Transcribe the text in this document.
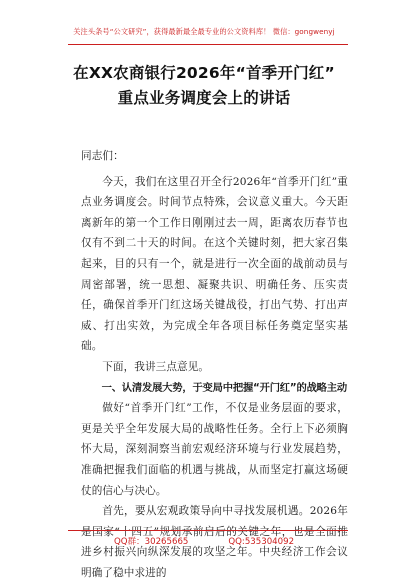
关注头条号“公文研究”，获得最新最全最专业的公文资料库！ 微信：gongwenyj
在XX农商银行2026年“首季开门红”
重点业务调度会上的讲话

同志们：

今天，我们在这里召开全行2026年“首季开门红”重点业务调度会。时间节点特殊，会议意义重大。今天距离新年的第一个工作日刚刚过去一周，距离农历春节也仅有不到二十天的时间。在这个关键时刻，把大家召集起来，目的只有一个，就是进行一次全面的战前动员与周密部署，统一思想、凝聚共识、明确任务、压实责任，确保首季开门红这场关键战役，打出气势、打出声威、打出实效，为完成全年各项目标任务奠定坚实基础。

下面，我讲三点意见。

一、认清发展大势，于变局中把握“开门红”的战略主动

做好“首季开门红”工作，不仅是业务层面的要求，更是关乎全年发展大局的战略性任务。全行上下必须胸怀大局，深刻洞察当前宏观经济环境与行业发展趋势，准确把握我们面临的机遇与挑战，从而坚定打赢这场硬仗的信心与决心。

首先，要从宏观政策导向中寻找发展机遇。2026年是国家“十四五”规划承前启后的关键之年，也是全面推进乡村振兴向纵深发展的攻坚之年。中央经济工作会议明确了稳中求进的

QQ群：30265665	QQ:535304092
